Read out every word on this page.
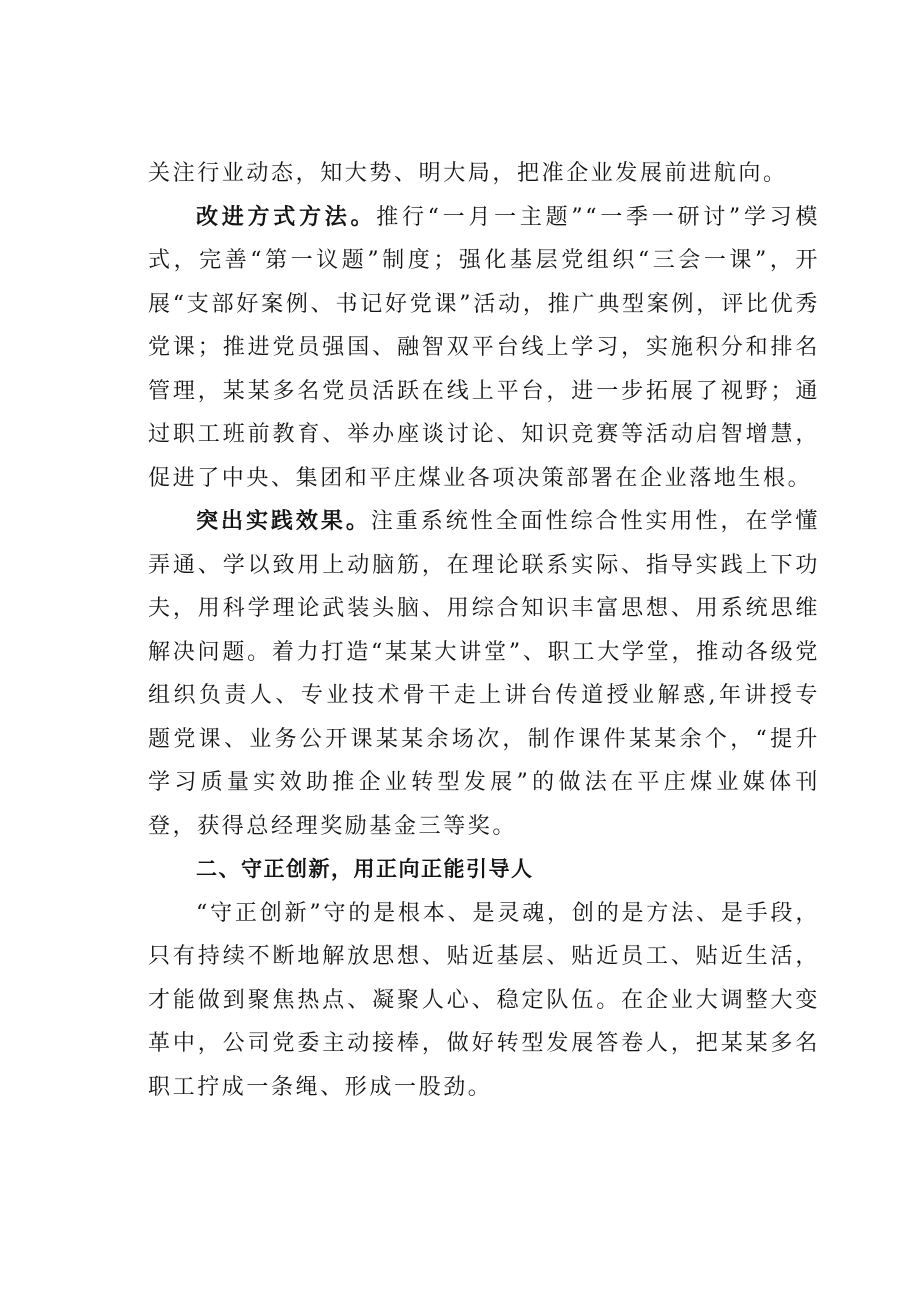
关注行业动态，知大势、明大局，把准企业发展前进航向。

改进方式方法。推行“一月一主题”“一季一研讨”学习模式，完善“第一议题”制度；强化基层党组织“三会一课”，开展“支部好案例、书记好党课”活动，推广典型案例，评比优秀党课；推进党员强国、融智双平台线上学习，实施积分和排名管理，某某多名党员活跃在线上平台，进一步拓展了视野；通过职工班前教育、举办座谈讨论、知识竞赛等活动启智增慧，促进了中央、集团和平庄煤业各项决策部署在企业落地生根。

突出实践效果。注重系统性全面性综合性实用性，在学懂弄通、学以致用上动脑筋，在理论联系实际、指导实践上下功夫，用科学理论武装头脑、用综合知识丰富思想、用系统思维解决问题。着力打造“某某大讲堂”、职工大学堂，推动各级党组织负责人、专业技术骨干走上讲台传道授业解惑,年讲授专题党课、业务公开课某某余场次，制作课件某某余个，“提升学习质量实效助推企业转型发展”的做法在平庄煤业媒体刊登，获得总经理奖励基金三等奖。

二、守正创新，用正向正能引导人

“守正创新”守的是根本、是灵魂，创的是方法、是手段，只有持续不断地解放思想、贴近基层、贴近员工、贴近生活，才能做到聚焦热点、凝聚人心、稳定队伍。在企业大调整大变革中，公司党委主动接棒，做好转型发展答卷人，把某某多名职工拧成一条绳、形成一股劲。
